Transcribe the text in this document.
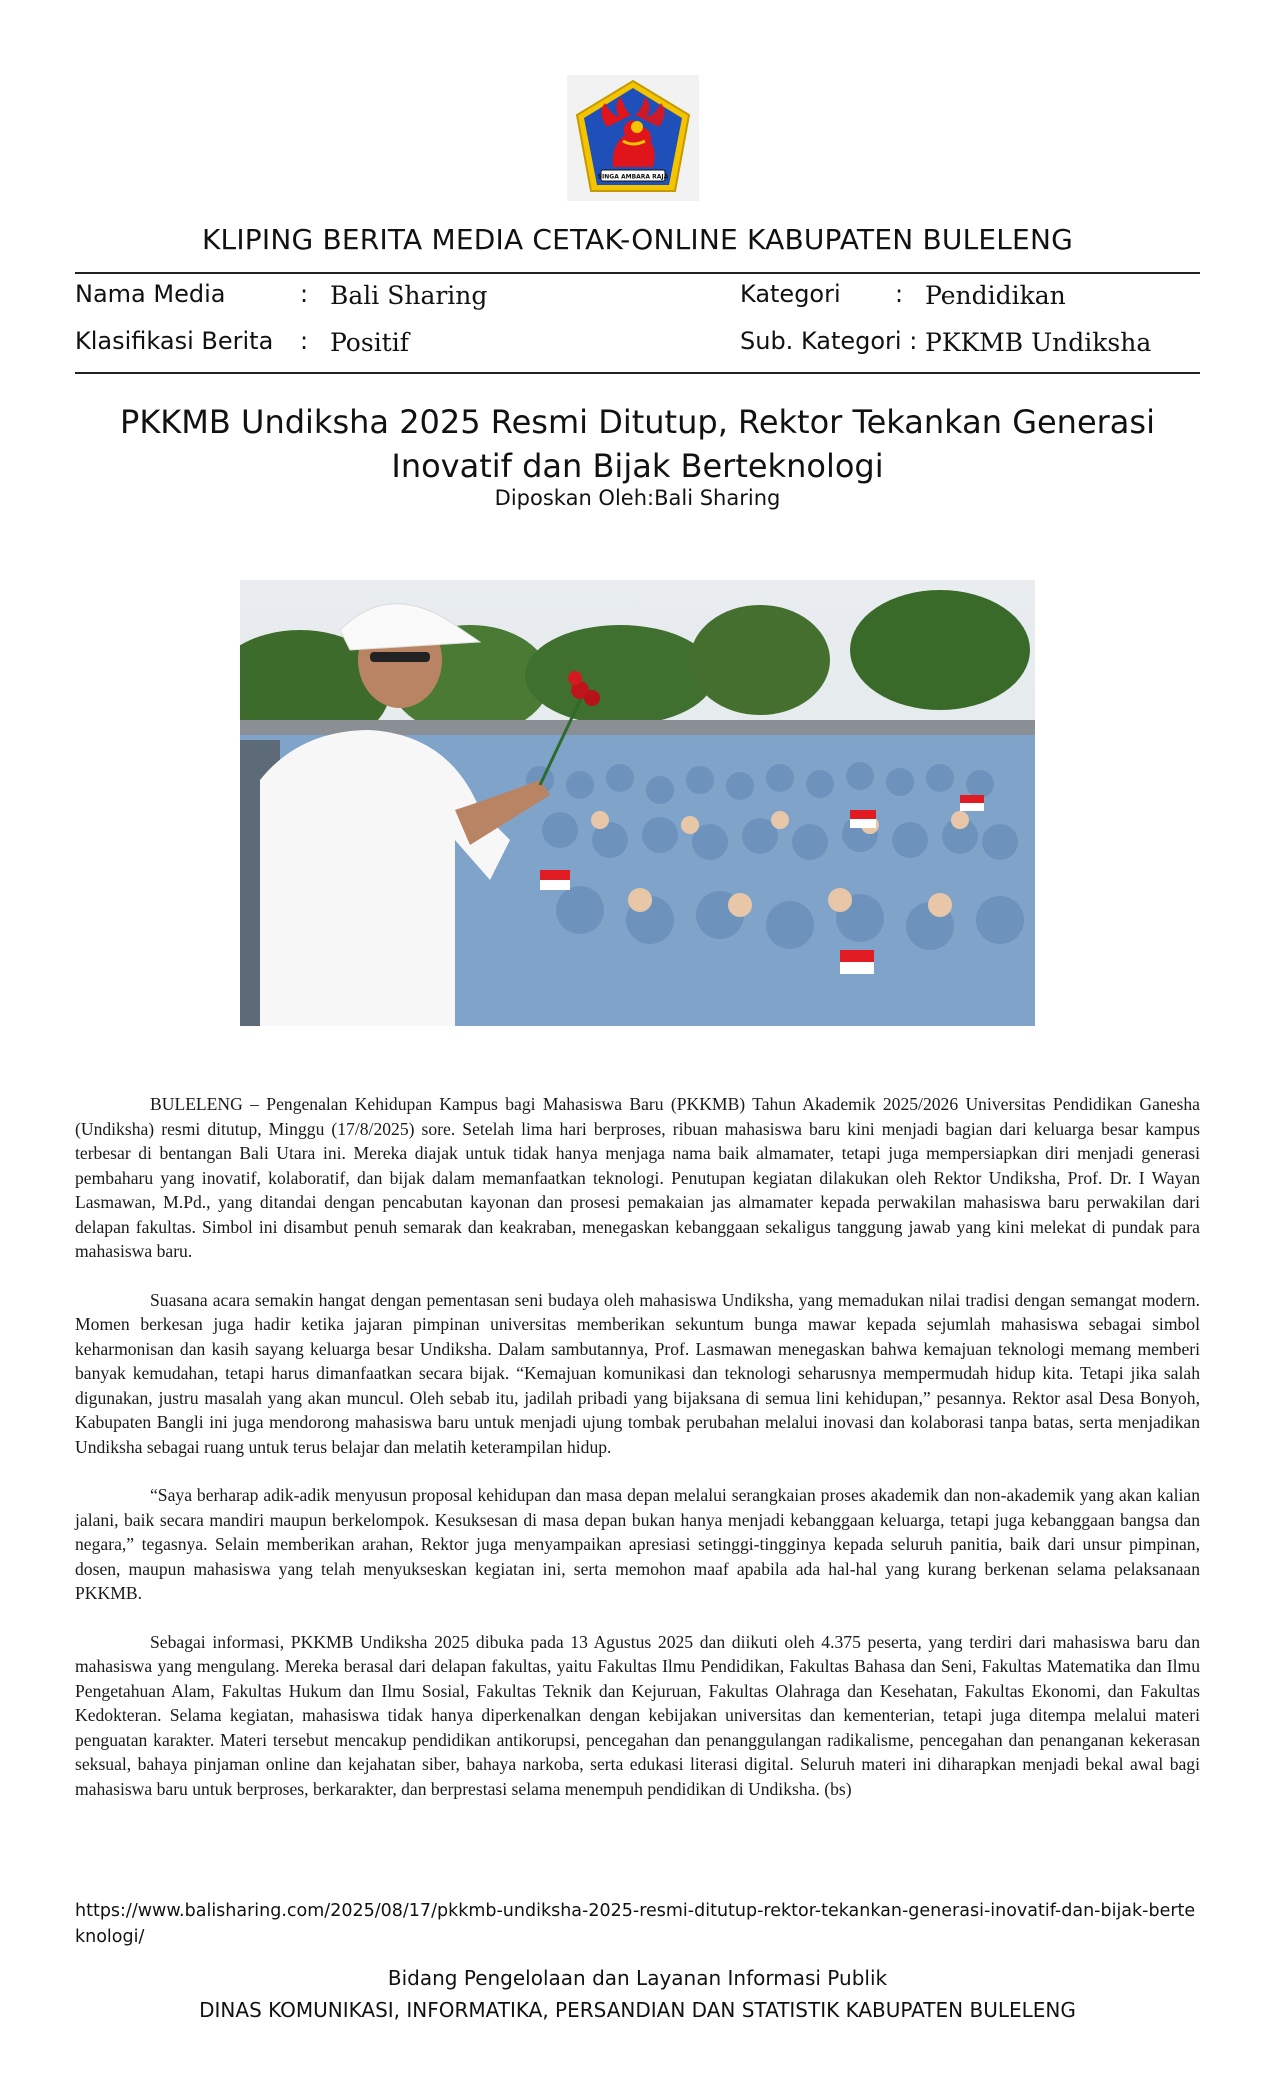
SINGA AMBARA RAJA
KLIPING BERITA MEDIA CETAK-ONLINE KABUPATEN BULELENG
Nama Media	: Bali Sharing	Kategori : Pendidikan
Klasifikasi Berita : Positif	Sub. Kategori : PKKMB Undiksha
PKKMB Undiksha 2025 Resmi Ditutup, Rektor Tekankan Generasi Inovatif dan Bijak Berteknologi
Diposkan Oleh:Bali Sharing

BULELENG – Pengenalan Kehidupan Kampus bagi Mahasiswa Baru (PKKMB) Tahun Akademik 2025/2026 Universitas Pendidikan Ganesha (Undiksha) resmi ditutup, Minggu (17/8/2025) sore. Setelah lima hari berproses, ribuan mahasiswa baru kini menjadi bagian dari keluarga besar kampus terbesar di bentangan Bali Utara ini. Mereka diajak untuk tidak hanya menjaga nama baik almamater, tetapi juga mempersiapkan diri menjadi generasi pembaharu yang inovatif, kolaboratif, dan bijak dalam memanfaatkan teknologi. Penutupan kegiatan dilakukan oleh Rektor Undiksha, Prof. Dr. I Wayan Lasmawan, M.Pd., yang ditandai dengan pencabutan kayonan dan prosesi pemakaian jas almamater kepada perwakilan mahasiswa baru perwakilan dari delapan fakultas. Simbol ini disambut penuh semarak dan keakraban, menegaskan kebanggaan sekaligus tanggung jawab yang kini melekat di pundak para mahasiswa baru.

Suasana acara semakin hangat dengan pementasan seni budaya oleh mahasiswa Undiksha, yang memadukan nilai tradisi dengan semangat modern. Momen berkesan juga hadir ketika jajaran pimpinan universitas memberikan sekuntum bunga mawar kepada sejumlah mahasiswa sebagai simbol keharmonisan dan kasih sayang keluarga besar Undiksha. Dalam sambutannya, Prof. Lasmawan menegaskan bahwa kemajuan teknologi memang memberi banyak kemudahan, tetapi harus dimanfaatkan secara bijak. “Kemajuan komunikasi dan teknologi seharusnya mempermudah hidup kita. Tetapi jika salah digunakan, justru masalah yang akan muncul. Oleh sebab itu, jadilah pribadi yang bijaksana di semua lini kehidupan,” pesannya. Rektor asal Desa Bonyoh, Kabupaten Bangli ini juga mendorong mahasiswa baru untuk menjadi ujung tombak perubahan melalui inovasi dan kolaborasi tanpa batas, serta menjadikan Undiksha sebagai ruang untuk terus belajar dan melatih keterampilan hidup.

“Saya berharap adik-adik menyusun proposal kehidupan dan masa depan melalui serangkaian proses akademik dan non-akademik yang akan kalian jalani, baik secara mandiri maupun berkelompok. Kesuksesan di masa depan bukan hanya menjadi kebanggaan keluarga, tetapi juga kebanggaan bangsa dan negara,” tegasnya. Selain memberikan arahan, Rektor juga menyampaikan apresiasi setinggi-tingginya kepada seluruh panitia, baik dari unsur pimpinan, dosen, maupun mahasiswa yang telah menyukseskan kegiatan ini, serta memohon maaf apabila ada hal-hal yang kurang berkenan selama pelaksanaan PKKMB.

Sebagai informasi, PKKMB Undiksha 2025 dibuka pada 13 Agustus 2025 dan diikuti oleh 4.375 peserta, yang terdiri dari mahasiswa baru dan mahasiswa yang mengulang. Mereka berasal dari delapan fakultas, yaitu Fakultas Ilmu Pendidikan, Fakultas Bahasa dan Seni, Fakultas Matematika dan Ilmu Pengetahuan Alam, Fakultas Hukum dan Ilmu Sosial, Fakultas Teknik dan Kejuruan, Fakultas Olahraga dan Kesehatan, Fakultas Ekonomi, dan Fakultas Kedokteran. Selama kegiatan, mahasiswa tidak hanya diperkenalkan dengan kebijakan universitas dan kementerian, tetapi juga ditempa melalui materi penguatan karakter. Materi tersebut mencakup pendidikan antikorupsi, pencegahan dan penanggulangan radikalisme, pencegahan dan penanganan kekerasan seksual, bahaya pinjaman online dan kejahatan siber, bahaya narkoba, serta edukasi literasi digital. Seluruh materi ini diharapkan menjadi bekal awal bagi mahasiswa baru untuk berproses, berkarakter, dan berprestasi selama menempuh pendidikan di Undiksha. (bs)

https://www.balisharing.com/2025/08/17/pkkmb-undiksha-2025-resmi-ditutup-rektor-tekankan-generasi-inovatif-dan-bijak-berteknologi/
Bidang Pengelolaan dan Layanan Informasi Publik
DINAS KOMUNIKASI, INFORMATIKA, PERSANDIAN DAN STATISTIK KABUPATEN BULELENG
